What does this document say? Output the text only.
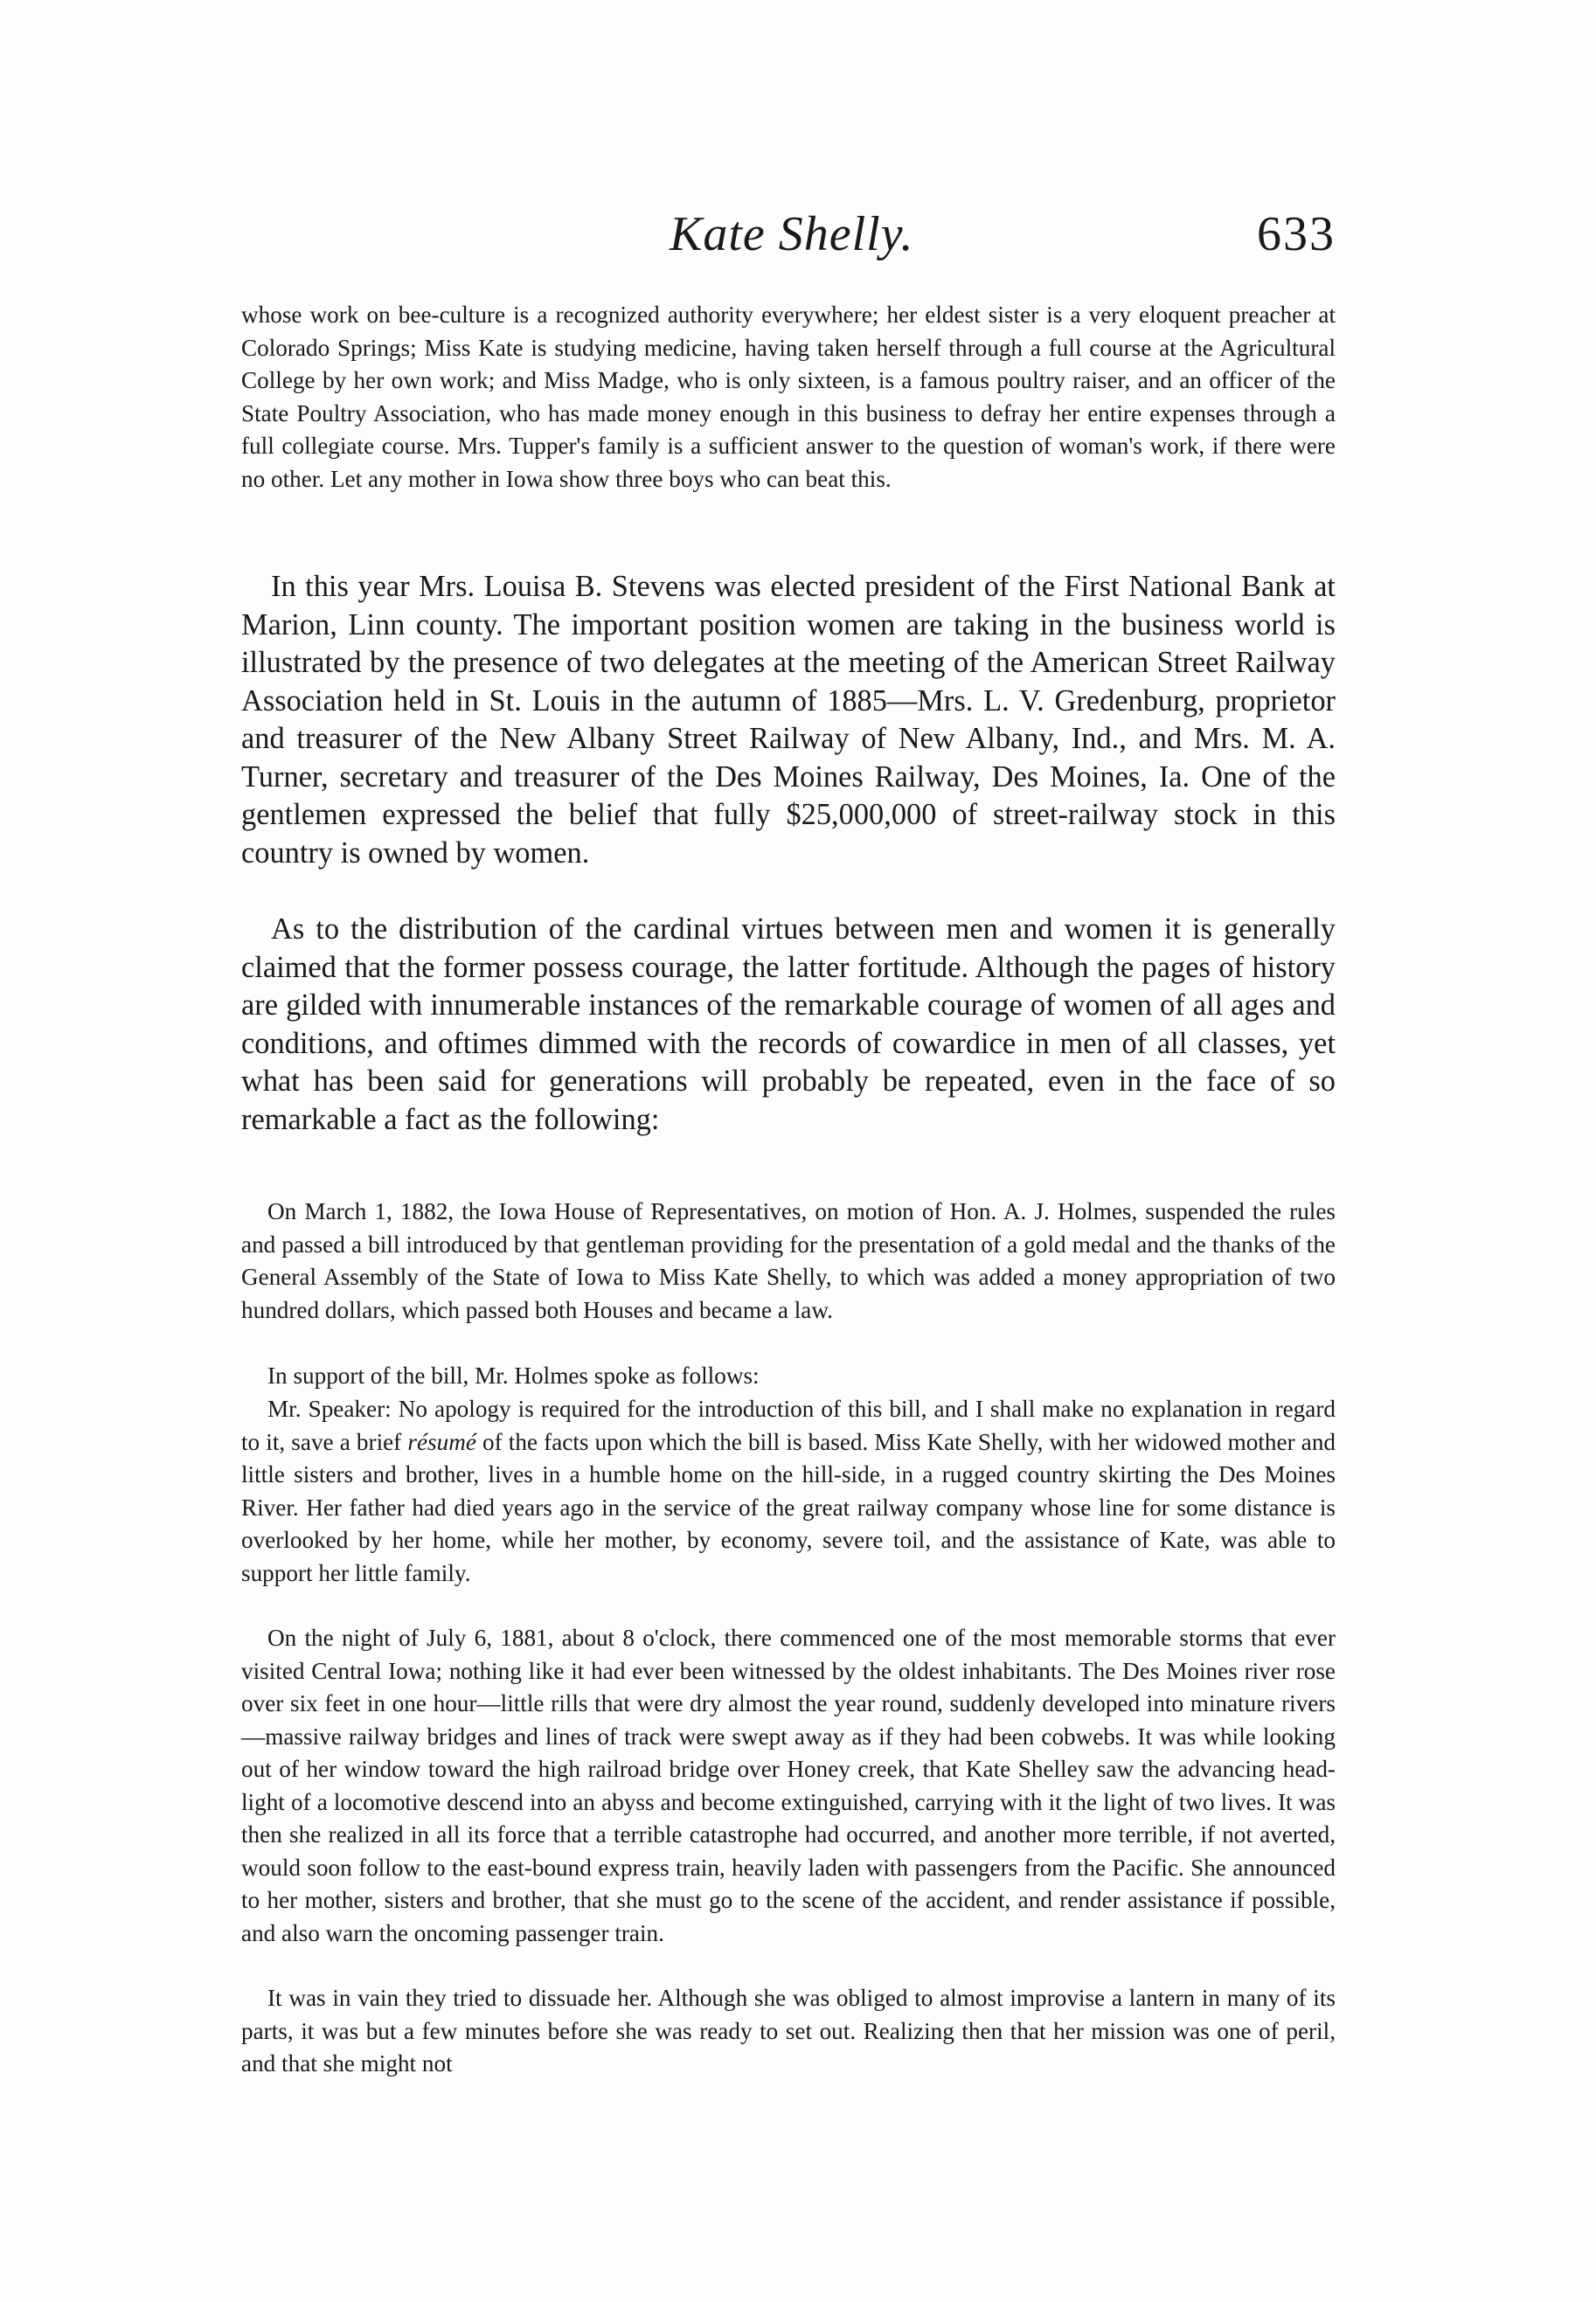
Kate Shelly.	633

whose work on bee-culture is a recognized authority everywhere; her eldest sister is a very eloquent preacher at Colorado Springs; Miss Kate is studying medicine, having taken herself through a full course at the Agricultural College by her own work; and Miss Madge, who is only sixteen, is a famous poultry raiser, and an officer of the State Poultry Association, who has made money enough in this business to defray her entire expenses through a full collegiate course. Mrs. Tupper's family is a sufficient answer to the question of woman's work, if there were no other. Let any mother in Iowa show three boys who can beat this.

In this year Mrs. Louisa B. Stevens was elected president of the First National Bank at Marion, Linn county. The important position women are taking in the business world is illustrated by the presence of two delegates at the meeting of the American Street Railway Association held in St. Louis in the autumn of 1885—Mrs. L. V. Gredenburg, proprietor and treasurer of the New Albany Street Railway of New Albany, Ind., and Mrs. M. A. Turner, secretary and treasurer of the Des Moines Railway, Des Moines, Ia. One of the gentlemen expressed the belief that fully $25,000,000 of street-railway stock in this country is owned by women.

As to the distribution of the cardinal virtues between men and women it is generally claimed that the former possess courage, the latter fortitude. Although the pages of history are gilded with innumerable instances of the remarkable courage of women of all ages and conditions, and oftimes dimmed with the records of cowardice in men of all classes, yet what has been said for generations will probably be repeated, even in the face of so remarkable a fact as the following:

On March 1, 1882, the Iowa House of Representatives, on motion of Hon. A. J. Holmes, suspended the rules and passed a bill introduced by that gentleman providing for the presentation of a gold medal and the thanks of the General Assembly of the State of Iowa to Miss Kate Shelly, to which was added a money appropriation of two hundred dollars, which passed both Houses and became a law.

In support of the bill, Mr. Holmes spoke as follows:

Mr. Speaker: No apology is required for the introduction of this bill, and I shall make no explanation in regard to it, save a brief résumé of the facts upon which the bill is based. Miss Kate Shelly, with her widowed mother and little sisters and brother, lives in a humble home on the hill-side, in a rugged country skirting the Des Moines River. Her father had died years ago in the service of the great railway company whose line for some distance is overlooked by her home, while her mother, by economy, severe toil, and the assistance of Kate, was able to support her little family.

On the night of July 6, 1881, about 8 o'clock, there commenced one of the most memorable storms that ever visited Central Iowa; nothing like it had ever been witnessed by the oldest inhabitants. The Des Moines river rose over six feet in one hour—little rills that were dry almost the year round, suddenly developed into minature rivers—massive railway bridges and lines of track were swept away as if they had been cobwebs. It was while looking out of her window toward the high railroad bridge over Honey creek, that Kate Shelley saw the advancing head-light of a locomotive descend into an abyss and become extinguished, carrying with it the light of two lives. It was then she realized in all its force that a terrible catastrophe had occurred, and another more terrible, if not averted, would soon follow to the east-bound express train, heavily laden with passengers from the Pacific. She announced to her mother, sisters and brother, that she must go to the scene of the accident, and render assistance if possible, and also warn the oncoming passenger train.

It was in vain they tried to dissuade her. Although she was obliged to almost improvise a lantern in many of its parts, it was but a few minutes before she was ready to set out. Realizing then that her mission was one of peril, and that she might not
